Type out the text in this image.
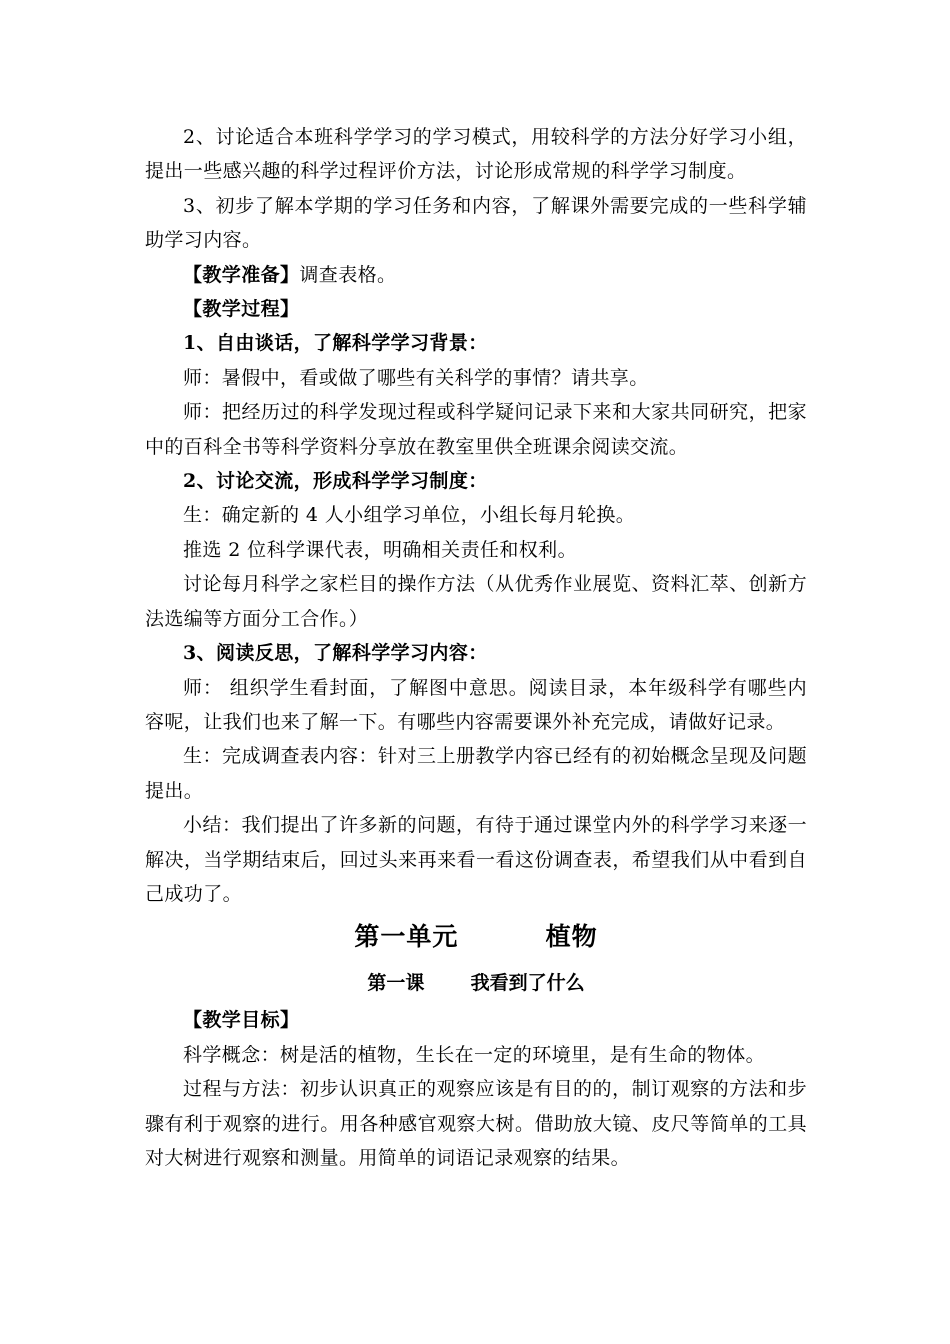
2、讨论适合本班科学学习的学习模式，用较科学的方法分好学习小组，提出一些感兴趣的科学过程评价方法，讨论形成常规的科学学习制度。

3、初步了解本学期的学习任务和内容，了解课外需要完成的一些科学辅助学习内容。

【教学准备】调查表格。

【教学过程】

1、自由谈话，了解科学学习背景：

师：暑假中，看或做了哪些有关科学的事情？请共享。

师：把经历过的科学发现过程或科学疑问记录下来和大家共同研究，把家中的百科全书等科学资料分享放在教室里供全班课余阅读交流。

2、讨论交流，形成科学学习制度：

生：确定新的 4 人小组学习单位，小组长每月轮换。

推选 2 位科学课代表，明确相关责任和权利。

讨论每月科学之家栏目的操作方法（从优秀作业展览、资料汇萃、创新方法选编等方面分工合作。）

3、阅读反思，了解科学学习内容：

师： 组织学生看封面，了解图中意思。阅读目录，本年级科学有哪些内容呢，让我们也来了解一下。有哪些内容需要课外补充完成，请做好记录。

生：完成调查表内容：针对三上册教学内容已经有的初始概念呈现及问题提出。

小结：我们提出了许多新的问题，有待于通过课堂内外的科学学习来逐一解决，当学期结束后，回过头来再来看一看这份调查表，希望我们从中看到自己成功了。

第一单元         植物

第一课       我看到了什么

【教学目标】

科学概念：树是活的植物，生长在一定的环境里，是有生命的物体。

过程与方法：初步认识真正的观察应该是有目的的，制订观察的方法和步骤有利于观察的进行。用各种感官观察大树。借助放大镜、皮尺等简单的工具对大树进行观察和测量。用简单的词语记录观察的结果。
